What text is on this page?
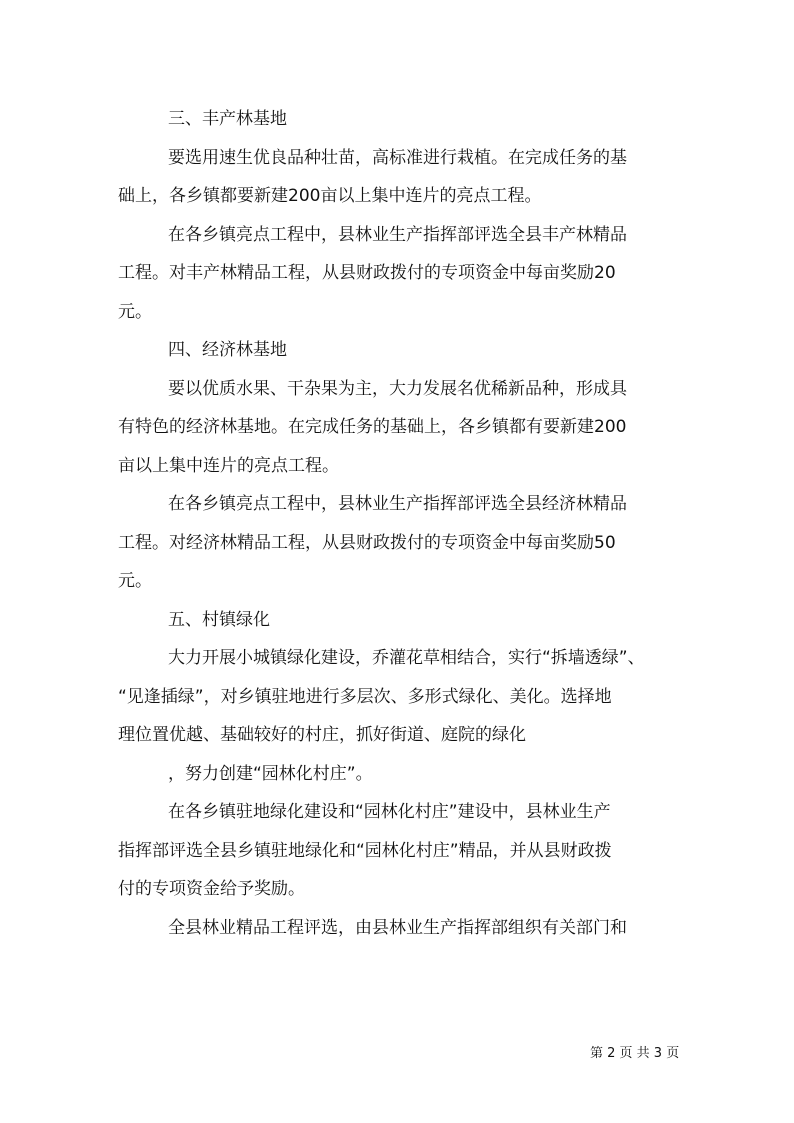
三、丰产林基地
要选用速生优良品种壮苗，高标准进行栽植。在完成任务的基
础上，各乡镇都要新建200亩以上集中连片的亮点工程。
在各乡镇亮点工程中，县林业生产指挥部评选全县丰产林精品
工程。对丰产林精品工程，从县财政拨付的专项资金中每亩奖励20
元。
四、经济林基地
要以优质水果、干杂果为主，大力发展名优稀新品种，形成具
有特色的经济林基地。在完成任务的基础上，各乡镇都有要新建200
亩以上集中连片的亮点工程。
在各乡镇亮点工程中，县林业生产指挥部评选全县经济林精品
工程。对经济林精品工程，从县财政拨付的专项资金中每亩奖励50
元。
五、村镇绿化
大力开展小城镇绿化建设，乔灌花草相结合，实行“拆墙透绿”、
“见逢插绿”，对乡镇驻地进行多层次、多形式绿化、美化。选择地
理位置优越、基础较好的村庄，抓好街道、庭院的绿化
，努力创建“园林化村庄”。
在各乡镇驻地绿化建设和“园林化村庄”建设中，县林业生产
指挥部评选全县乡镇驻地绿化和“园林化村庄”精品，并从县财政拨
付的专项资金给予奖励。
全县林业精品工程评选，由县林业生产指挥部组织有关部门和
第 2 页 共 3 页
